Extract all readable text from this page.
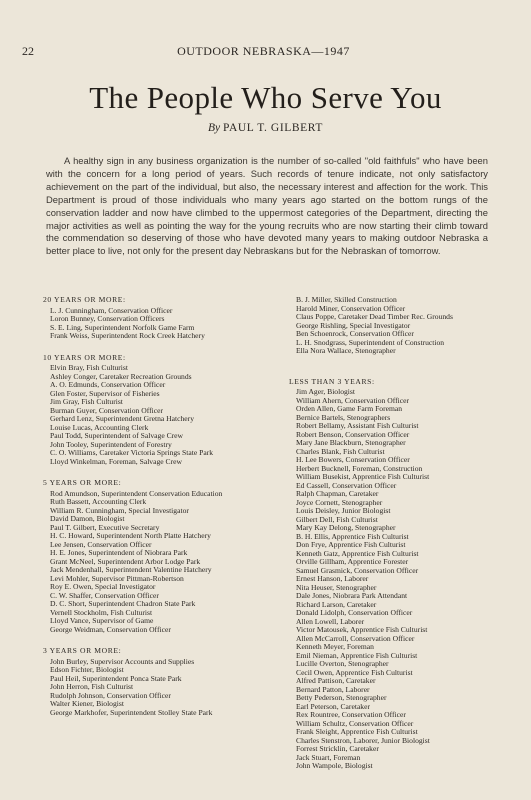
22	OUTDOOR NEBRASKA—1947
The People Who Serve You
By PAUL T. GILBERT

A healthy sign in any business organization is the number of so-called "old faithfuls" who have been with the concern for a long period of years. Such records of tenure indicate, not only satisfactory achievement on the part of the individual, but also, the necessary interest and affection for the work. This Department is proud of those individuals who many years ago started on the bottom rungs of the conservation ladder and now have climbed to the uppermost categories of the Department, directing the major activities as well as pointing the way for the young recruits who are now starting their climb toward the commendation so deserving of those who have devoted many years to making outdoor Nebraska a better place to live, not only for the present day Nebraskans but for the Nebraskan of tomorrow.

20 YEARS OR MORE:
L. J. Cunningham, Conservation Officer
Loron Bunney, Conservation Officers
S. E. Ling, Superintendent Norfolk Game Farm
Frank Weiss, Superintendent Rock Creek Hatchery
10 YEARS OR MORE:
Elvin Bray, Fish Culturist
Ashley Conger, Caretaker Recreation Grounds
A. O. Edmunds, Conservation Officer
Glen Foster, Supervisor of Fisheries
Jim Gray, Fish Culturist
Burman Guyer, Conservation Officer
Gerhard Lenz, Superintendent Gretna Hatchery
Louise Lucas, Accounting Clerk
Paul Todd, Superintendent of Salvage Crew
John Tooley, Superintendent of Forestry
C. O. Williams, Caretaker Victoria Springs State Park
Lloyd Winkelman, Foreman, Salvage Crew
5 YEARS OR MORE:
Rod Amundson, Superintendent Conservation Education
Ruth Bassett, Accounting Clerk
William R. Cunningham, Special Investigator
David Damon, Biologist
Paul T. Gilbert, Executive Secretary
H. C. Howard, Superintendent North Platte Hatchery
Lee Jensen, Conservation Officer
H. E. Jones, Superintendent of Niobrara Park
Grant McNeel, Superintendent Arbor Lodge Park
Jack Mendenhall, Superintendent Valentine Hatchery
Levi Mohler, Supervisor Pittman-Robertson
Roy E. Owen, Special Investigator
C. W. Shaffer, Conservation Officer
D. C. Short, Superintendent Chadron State Park
Vernell Stockholm, Fish Culturist
Lloyd Vance, Supervisor of Game
George Weidman, Conservation Officer
3 YEARS OR MORE:
John Burley, Supervisor Accounts and Supplies
Edson Fichter, Biologist
Paul Heil, Superintendent Ponca State Park
John Herron, Fish Culturist
Rudolph Johnson, Conservation Officer
Walter Kiener, Biologist
George Markhofer, Superintendent Stolley State Park
B. J. Miller, Skilled Construction
Harold Miner, Conservation Officer
Claus Poppe, Caretaker Dead Timber Rec. Grounds
George Rishling, Special Investigator
Ben Schoenrock, Conservation Officer
L. H. Snodgrass, Superintendent of Construction
Ella Nora Wallace, Stenographer
LESS THAN 3 YEARS:
Jim Ager, Biologist
William Ahern, Conservation Officer
Orden Allen, Game Farm Foreman
Bernice Bartels, Stenographers
Robert Bellamy, Assistant Fish Culturist
Robert Benson, Conservation Officer
Mary Jane Blackburn, Stenographer
Charles Blank, Fish Culturist
H. Lee Bowers, Conservation Officer
Herbert Bucknell, Foreman, Construction
William Busekist, Apprentice Fish Culturist
Ed Cassell, Conservation Officer
Ralph Chapman, Caretaker
Joyce Cornett, Stenographer
Louis Deisley, Junior Biologist
Gilbert Dell, Fish Culturist
Mary Kay Delong, Stenographer
B. H. Ellis, Apprentice Fish Culturist
Don Frye, Apprentice Fish Culturist
Kenneth Gatz, Apprentice Fish Culturist
Orville Gillham, Apprentice Forester
Samuel Grasmick, Conservation Officer
Ernest Hanson, Laborer
Nita Heuser, Stenographer
Dale Jones, Niobrara Park Attendant
Richard Larson, Caretaker
Donald Lidolph, Conservation Officer
Allen Lowell, Laborer
Victor Matousek, Apprentice Fish Culturist
Allen McCarroll, Conservation Officer
Kenneth Meyer, Foreman
Emil Nieman, Apprentice Fish Culturist
Lucille Overton, Stenographer
Cecil Owen, Apprentice Fish Culturist
Alfred Pattison, Caretaker
Bernard Patton, Laborer
Betty Pederson, Stenographer
Earl Peterson, Caretaker
Rex Rountree, Conservation Officer
William Schultz, Conservation Officer
Frank Sleight, Apprentice Fish Culturist
Charles Stenstron, Laborer, Junior Biologist
Forrest Stricklin, Caretaker
Jack Stuart, Foreman
John Wampole, Biologist
